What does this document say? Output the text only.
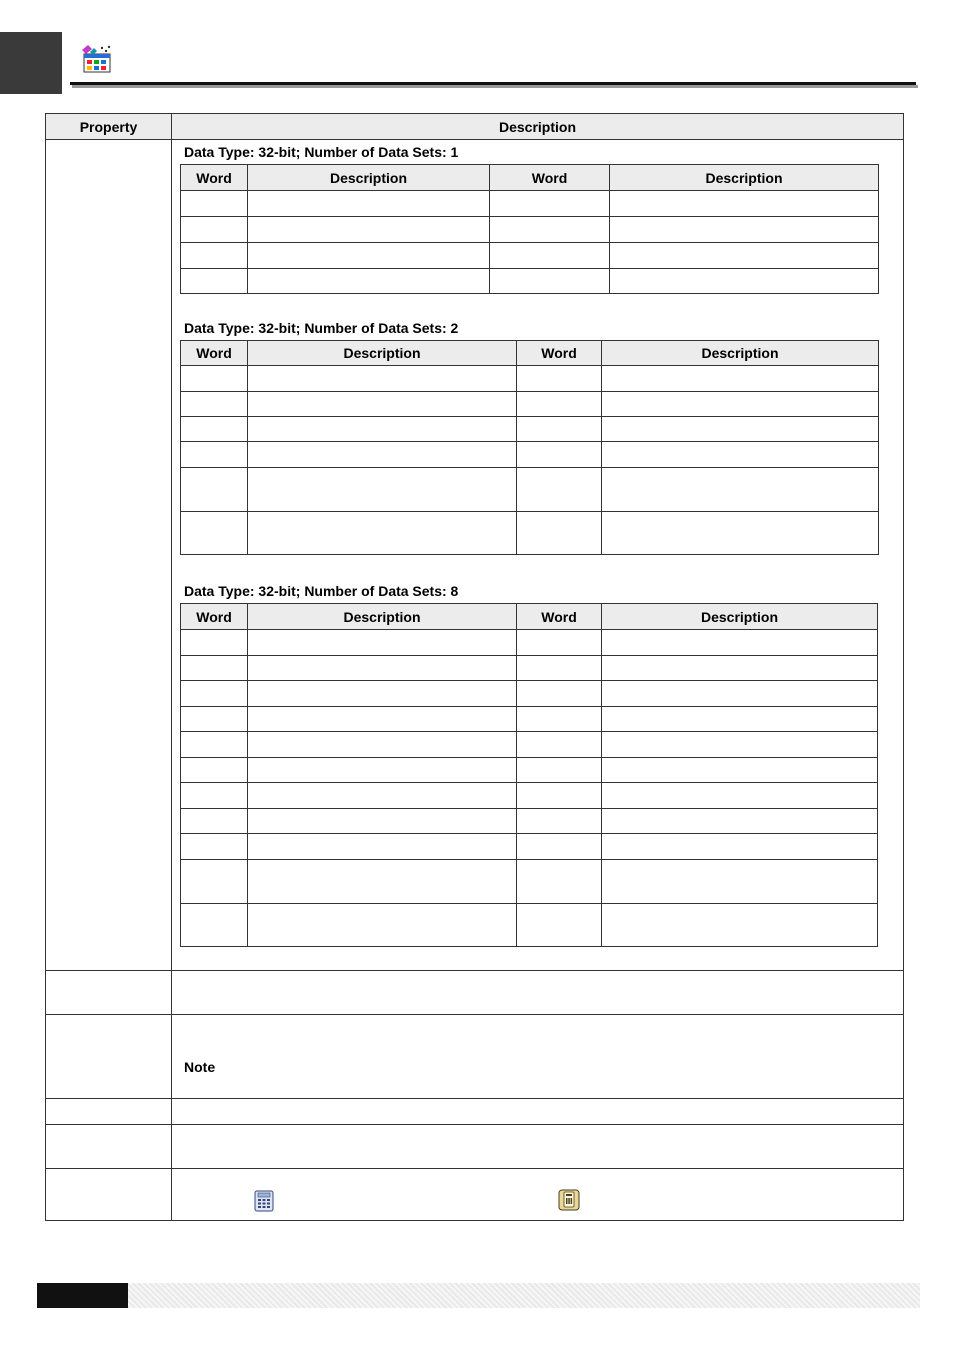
Property	Description
Data Type: 32-bit; Number of Data Sets: 1
Data Type: 32-bit; Number of Data Sets: 2
Data Type: 32-bit; Number of Data Sets: 8
Word	Description	Word	Description
Word	Description	Word	Description
Word	Description	Word	Description
Note
